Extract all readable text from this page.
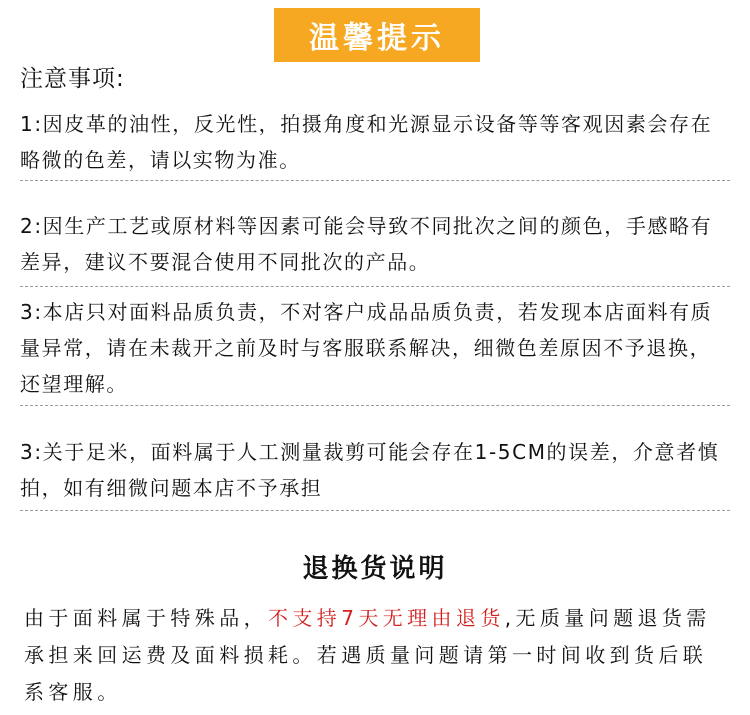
温馨提示
注意事项:
1:因皮革的油性，反光性，拍摄角度和光源显示设备等等客观因素会存在略微的色差，请以实物为准。
2:因生产工艺或原材料等因素可能会导致不同批次之间的颜色，手感略有差异，建议不要混合使用不同批次的产品。
3:本店只对面料品质负责，不对客户成品品质负责，若发现本店面料有质量异常，请在未裁开之前及时与客服联系解决，细微色差原因不予退换，还望理解。
3:关于足米，面料属于人工测量裁剪可能会存在1-5CM的误差，介意者慎拍，如有细微问题本店不予承担
退换货说明
由于面料属于特殊品，不支持7天无理由退货,无质量问题退货需承担来回运费及面料损耗。若遇质量问题请第一时间收到货后联系客服。
